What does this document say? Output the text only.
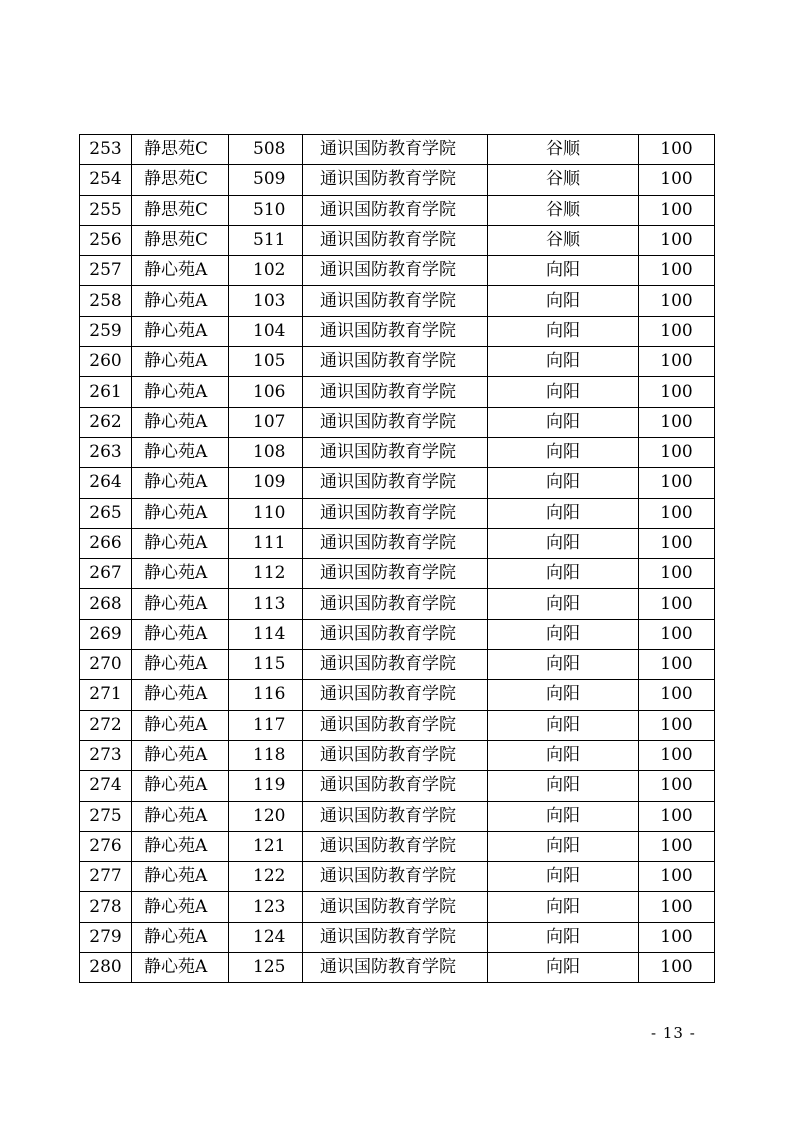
253	静思苑C	508	通识国防教育学院	谷顺	100
254	静思苑C	509	通识国防教育学院	谷顺	100
255	静思苑C	510	通识国防教育学院	谷顺	100
256	静思苑C	511	通识国防教育学院	谷顺	100
257	静心苑A	102	通识国防教育学院	向阳	100
258	静心苑A	103	通识国防教育学院	向阳	100
259	静心苑A	104	通识国防教育学院	向阳	100
260	静心苑A	105	通识国防教育学院	向阳	100
261	静心苑A	106	通识国防教育学院	向阳	100
262	静心苑A	107	通识国防教育学院	向阳	100
263	静心苑A	108	通识国防教育学院	向阳	100
264	静心苑A	109	通识国防教育学院	向阳	100
265	静心苑A	110	通识国防教育学院	向阳	100
266	静心苑A	111	通识国防教育学院	向阳	100
267	静心苑A	112	通识国防教育学院	向阳	100
268	静心苑A	113	通识国防教育学院	向阳	100
269	静心苑A	114	通识国防教育学院	向阳	100
270	静心苑A	115	通识国防教育学院	向阳	100
271	静心苑A	116	通识国防教育学院	向阳	100
272	静心苑A	117	通识国防教育学院	向阳	100
273	静心苑A	118	通识国防教育学院	向阳	100
274	静心苑A	119	通识国防教育学院	向阳	100
275	静心苑A	120	通识国防教育学院	向阳	100
276	静心苑A	121	通识国防教育学院	向阳	100
277	静心苑A	122	通识国防教育学院	向阳	100
278	静心苑A	123	通识国防教育学院	向阳	100
279	静心苑A	124	通识国防教育学院	向阳	100
280	静心苑A	125	通识国防教育学院	向阳	100
- 13 -
